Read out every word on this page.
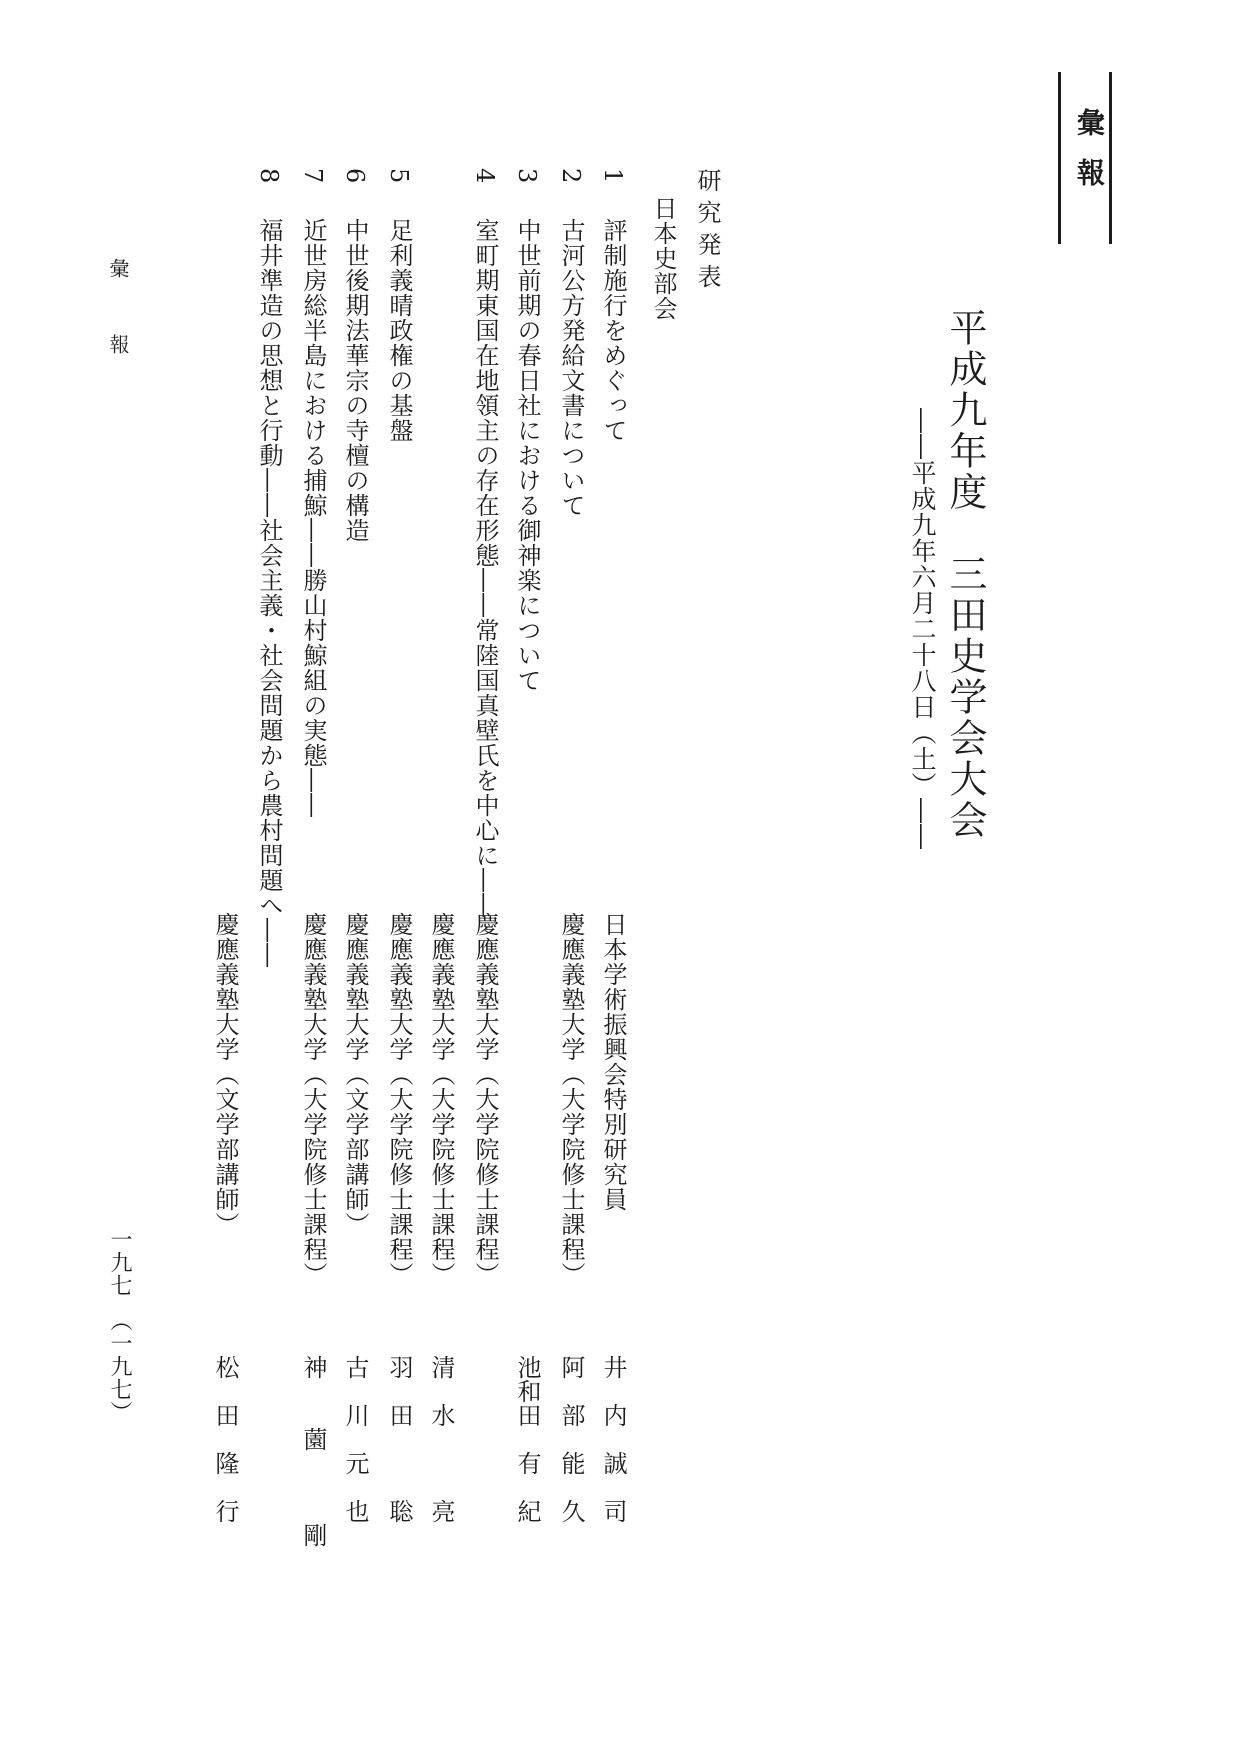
彙報
平成九年度　三田史学会大会
――平成九年六月二十八日（土）――
研究発表
日本史部会
1
評制施行をめぐって
日本学術振興会特別研究員
井　内　誠　司
2
古河公方発給文書について
慶應義塾大学（大学院修士課程）
阿　部　能　久
3
中世前期の春日社における御神楽について
池和田　有　紀
4
室町期東国在地領主の存在形態――常陸国真壁氏を中心に――
慶應義塾大学（大学院修士課程）
慶應義塾大学（大学院修士課程）
清　水　　　亮
5
足利義晴政権の基盤
慶應義塾大学（大学院修士課程）
羽　田　　　聡
6
中世後期法華宗の寺檀の構造
慶應義塾大学（文学部講師）
古　川　元　也
7
近世房総半島における捕鯨――勝山村鯨組の実態――
慶應義塾大学（大学院修士課程）
神　　薗　　　剛
8
福井準造の思想と行動――社会主義・社会問題から農村問題へ――
慶應義塾大学（文学部講師）
松　田　隆　行
彙　報
一九七　（一九七）
